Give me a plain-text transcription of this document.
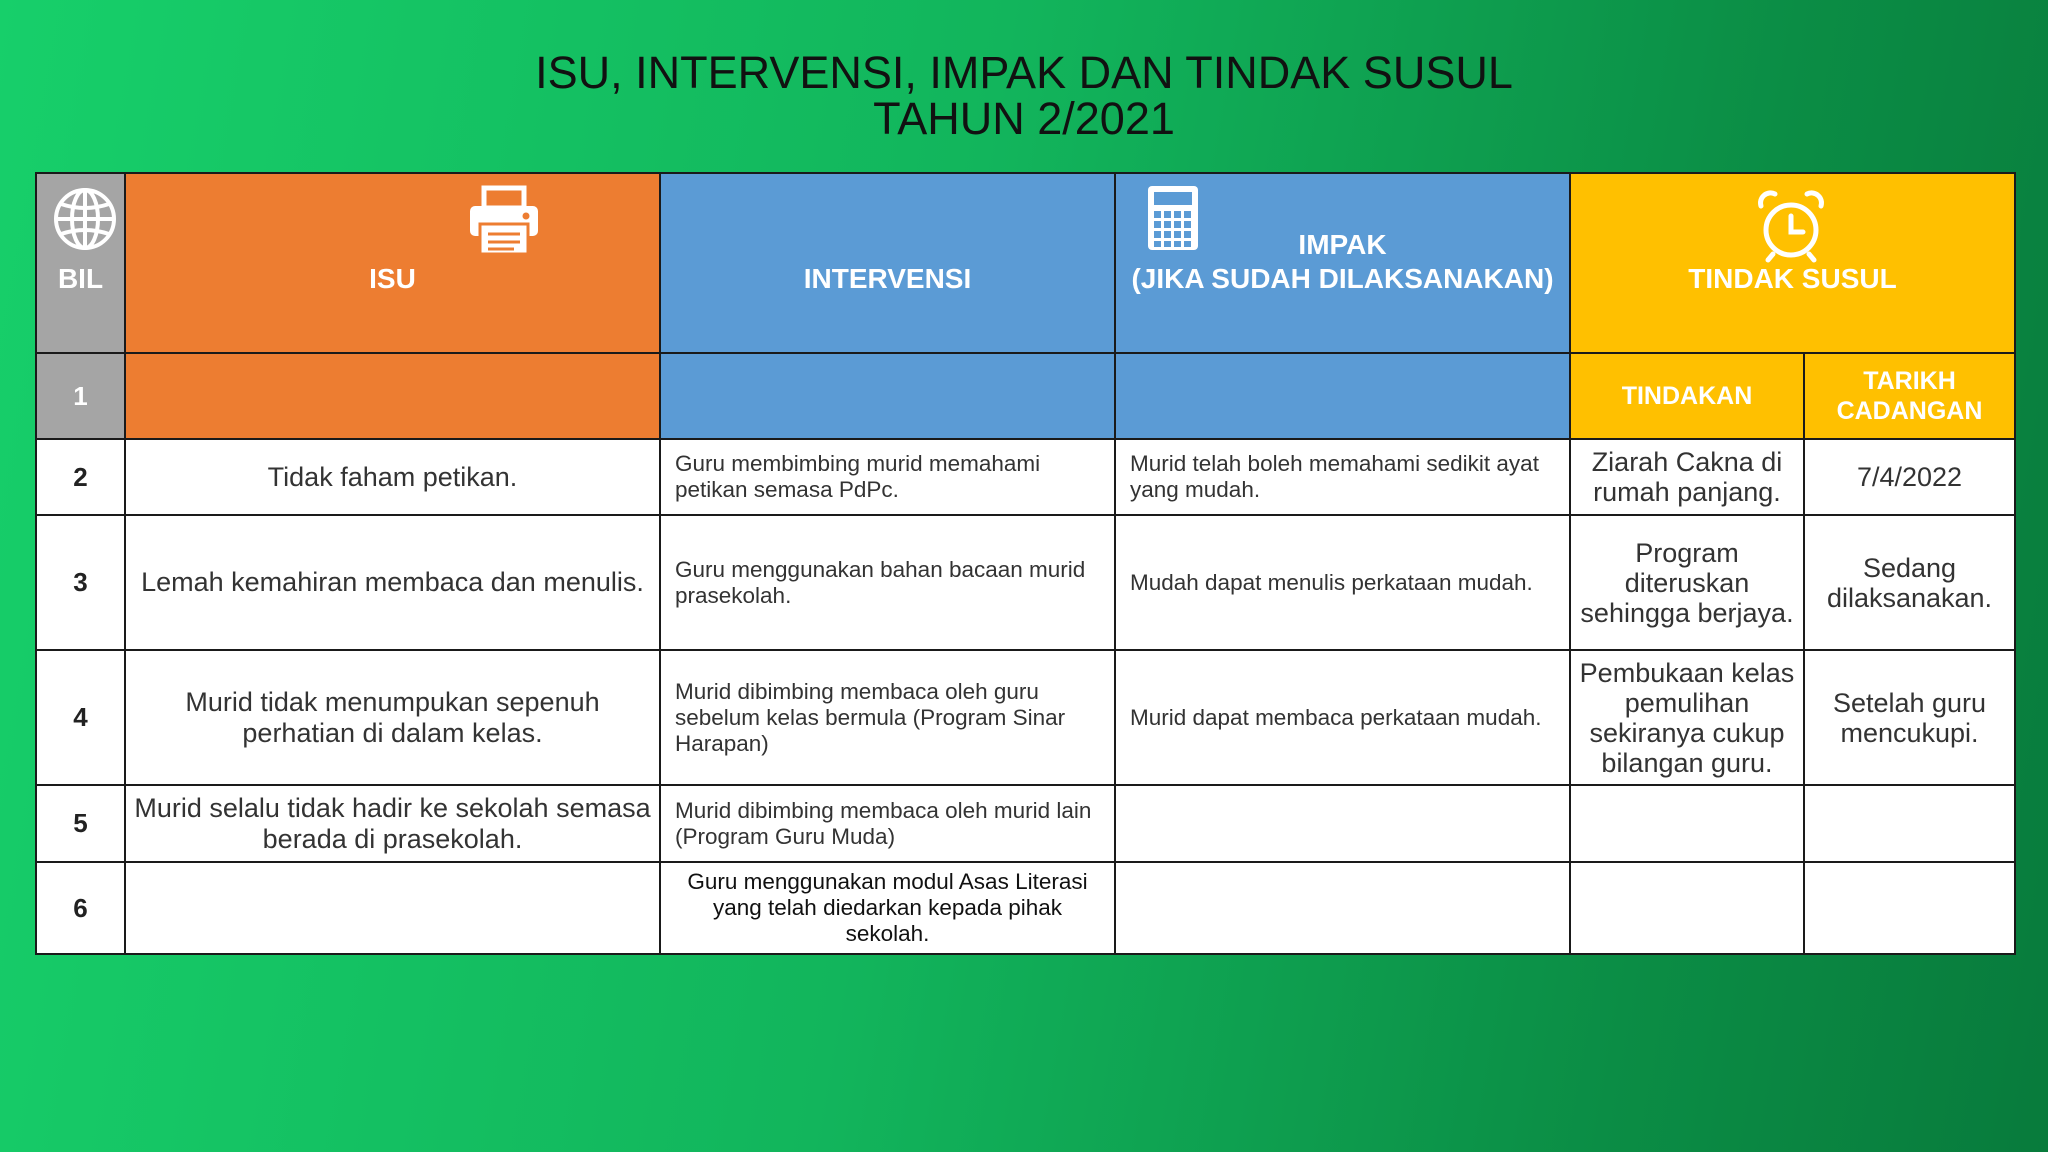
ISU, INTERVENSI, IMPAK DAN TINDAK SUSUL
TAHUN 2/2021
BIL	ISU	INTERVENSI	IMPAK
(JIKA SUDAH DILAKSANAKAN)	TINDAK SUSUL	

1				TINDAKAN	TARIKH
CADANGAN

2	Tidak faham petikan.	Guru membimbing murid memahami petikan semasa PdPc.	Murid telah boleh memahami sedikit ayat yang mudah.	Ziarah Cakna di rumah panjang.	7/4/2022
3	Lemah kemahiran membaca dan menulis.	Guru menggunakan bahan bacaan murid prasekolah.	Mudah dapat menulis perkataan mudah.	Program diteruskan sehingga berjaya.	Sedang dilaksanakan.
4	Murid tidak menumpukan sepenuh perhatian di dalam kelas.	Murid dibimbing membaca oleh guru sebelum kelas bermula (Program Sinar Harapan)	Murid dapat membaca perkataan mudah.	Pembukaan kelas pemulihan sekiranya cukup bilangan guru.	Setelah guru mencukupi.
5	Murid selalu tidak hadir ke sekolah semasa berada di prasekolah.	Murid dibimbing membaca oleh murid lain (Program Guru Muda)			
6		Guru menggunakan modul Asas Literasi yang telah diedarkan kepada pihak sekolah.			
